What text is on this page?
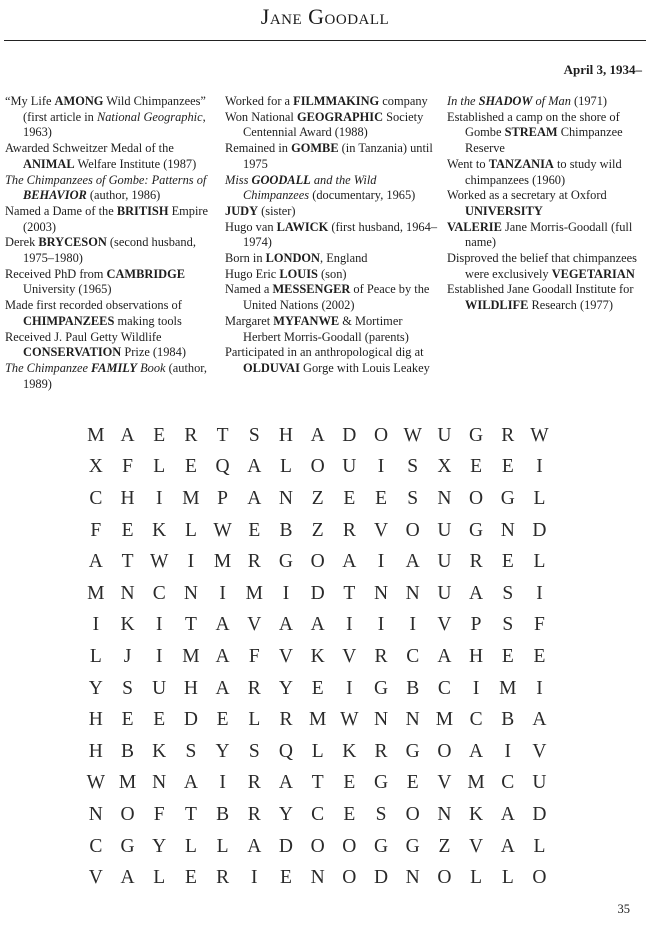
Jane Goodall
April 3, 1934–
“My Life AMONG Wild Chimpanzees” (first article in National Geographic, 1963)
Awarded Schweitzer Medal of the ANIMAL Welfare Institute (1987)
The Chimpanzees of Gombe: Patterns of BEHAVIOR (author, 1986)
Named a Dame of the BRITISH Empire (2003)
Derek BRYCESON (second husband, 1975–1980)
Received PhD from CAMBRIDGE University (1965)
Made first recorded observations of CHIMPANZEES making tools
Received J. Paul Getty Wildlife CONSERVATION Prize (1984)
The Chimpanzee FAMILY Book (author, 1989)
Worked for a FILMMAKING company
Won National GEOGRAPHIC Society Centennial Award (1988)
Remained in GOMBE (in Tanzania) until 1975
Miss GOODALL and the Wild Chimpanzees (documentary, 1965)
JUDY (sister)
Hugo van LAWICK (first husband, 1964–1974)
Born in LONDON, England
Hugo Eric LOUIS (son)
Named a MESSENGER of Peace by the United Nations (2002)
Margaret MYFANWE & Mortimer Herbert Morris-Goodall (parents)
Participated in an anthropological dig at OLDUVAI Gorge with Louis Leakey
In the SHADOW of Man (1971)
Established a camp on the shore of Gombe STREAM Chimpanzee Reserve
Went to TANZANIA to study wild chimpanzees (1960)
Worked as a secretary at Oxford UNIVERSITY
VALERIE Jane Morris-Goodall (full name)
Disproved the belief that chimpanzees were exclusively VEGETARIAN
Established Jane Goodall Institute for WILDLIFE Research (1977)
M	A	E	R	T	S	H	A	D	O	W	U	G	R	W
X	F	L	E	Q	A	L	O	U	I	S	X	E	E	I
C	H	I	M	P	A	N	Z	E	E	S	N	O	G	L
F	E	K	L	W	E	B	Z	R	V	O	U	G	N	D
A	T	W	I	M	R	G	O	A	I	A	U	R	E	L
M	N	C	N	I	M	I	D	T	N	N	U	A	S	I
I	K	I	T	A	V	A	A	I	I	I	V	P	S	F
L	J	I	M	A	F	V	K	V	R	C	A	H	E	E
Y	S	U	H	A	R	Y	E	I	G	B	C	I	M	I
H	E	E	D	E	L	R	M	W	N	N	M	C	B	A
H	B	K	S	Y	S	Q	L	K	R	G	O	A	I	V
W	M	N	A	I	R	A	T	E	G	E	V	M	C	U
N	O	F	T	B	R	Y	C	E	S	O	N	K	A	D
C	G	Y	L	L	A	D	O	O	G	G	Z	V	A	L
V	A	L	E	R	I	E	N	O	D	N	O	L	L	O
35
